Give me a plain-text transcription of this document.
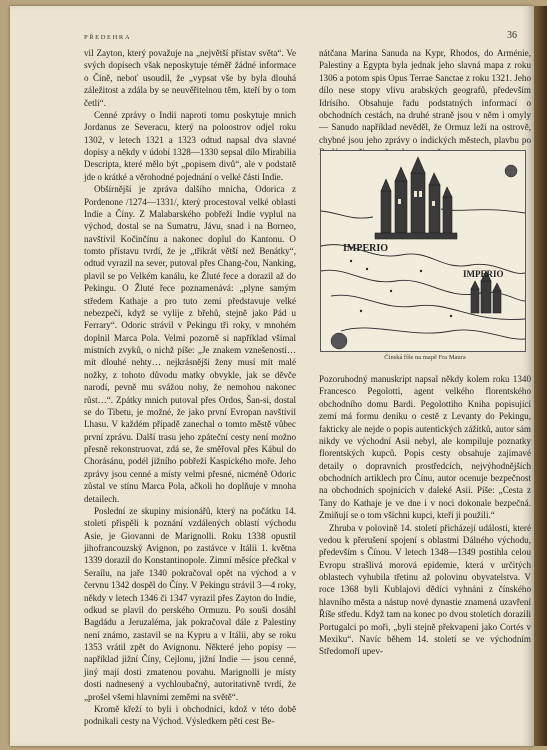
PŘEDEHRA	36

vil Zayton, který považuje na „největší přístav světa“. Ve svých dopisech však neposkytuje téměř žádné informace o Číně, neboť usoudil, že „vypsat vše by byla dlouhá záležitost a zdála by se neuvěřitelnou těm, kteří by o tom četli“.

Cenné zprávy o Indii naproti tomu poskytuje mnich Jordanus ze Severacu, který na poloostrov odjel roku 1302, v letech 1321 a 1323 odtud napsal dva slavné dopisy a někdy v údobí 1328—1330 sepsal dílo Mirabilia Descripta, které mělo být „popisem divů“, ale v podstatě jde o krátké a věrohodné pojednání o velké části Indie.

Obšírnější je zpráva dalšího mnicha, Odorica z Pordenone /1274—1331/, který procestoval velké oblasti Indie a Číny. Z Malabarského pobřeží Indie vyplul na východ, dostal se na Sumatru, Jávu, snad i na Borneo, navštívil Kočinčínu a nakonec doplul do Kantonu. O tomto přístavu tvrdí, že je „třikrát větší než Benátky“, odtud vyrazil na sever, putoval přes Chang-čou, Nanking, plavil se po Velkém kanálu, ke Žluté řece a dorazil až do Pekingu. O Žluté řece poznamenává: „plyne samým středem Kathaje a pro tuto zemi představuje velké nebezpečí, když se vylije z břehů, stejně jako Pád u Ferrary“. Odoric strávil v Pekingu tři roky, v mnohém doplnil Marca Pola. Velmi pozorně si například všímal místních zvyků, o nichž píše: „Je znakem vznešenosti… mít dlouhé nehty… nejkrásnější ženy musí mít malé nožky, z tohoto důvodu matky obvykle, jak se děvče narodí, pevně mu svážou nohy, že nemohou nakonec růst…“. Zpátky mnich putoval přes Ordos, Šan-si, dostal se do Tibetu, je možné, že jako první Evropan navštívil Lhasu. V každém případě zanechal o tomto městě vůbec první zprávu. Další trasu jeho zpáteční cesty není možno přesně rekonstruovat, zdá se, že směřoval přes Kábul do Chorásánu, podél jižního pobřeží Kaspického moře. Jeho zprávy jsou cenné a místy velmi přesné, nicméně Odoric zůstal ve stínu Marca Pola, ačkoli ho doplňuje v mnoha detailech.

Poslední ze skupiny misionářů, který na počátku 14. století přispěli k poznání vzdálených oblastí východu Asie, je Giovanni de Marignolli. Roku 1338 opustil jihofrancouzský Avignon, po zastávce v Itálii 1. května 1339 dorazil do Konstantinopole. Zimní měsíce přečkal v Seraílu, na jaře 1340 pokračoval opět na východ a v červnu 1342 dospěl do Číny. V Pekingu strávil 3—4 roky, někdy v letech 1346 či 1347 vyrazil přes Zayton do Indie, odkud se plavil do perského Ormuzu. Po souši dosáhl Bagdádu a Jeruzaléma, jak pokračoval dále z Palestiny není známo, zastavil se na Kypru a v Itálii, aby se roku 1353 vrátil zpět do Avignonu. Některé jeho popisy — například jižní Číny, Cejlonu, jižní Indie — jsou cenné, jiný mají dosti zmatenou povahu. Marignolli je místy dosti nadnesený a vychloubačný, autoritativně tvrdí, že „prošel všemi hlavními zeměmi na světě“.

Kromě křeží to byli i obchodníci, kdož v této době podnikali cesty na Východ. Výsledkem pěti cest Be-

nátčana Marina Sanuda na Kypr, Rhodos, do Arménie, Palestiny a Egypta byla jednak jeho slavná mapa z roku 1306 a potom spis Opus Terrae Sanctae z roku 1321. Jeho dílo nese stopy vlivu arabských geografů, především Idrísího. Obsahuje řadu podstatných informací o obchodních cestách, na druhé straně jsou v něm i omyly — Sanudo například nevěděl, že Ormuz leží na ostrově, chybné jsou jeho zprávy o indických městech, plavbu po

IMPERIO
IMPERIO
Čínská říše na mapě Fra Maura

Pozoruhodný manuskript napsal někdy kolem roku 1340 Francesco Pegolotti, agent velkého florentského obchodního domu Bardi. Pegolottiho Kniha popisující zemí má formu deníku o cestě z Levanty do Pekingu, fakticky ale nejde o popis autentických zážitků, autor sám nikdy ve východní Asii nebyl, ale kompiluje poznatky florentských kupců. Popis cesty obsahuje zajímavé detaily o dopravních prostředcích, nejvýhodnějších obchodních artiklech pro Čínu, autor ocenuje bezpečnost na obchodních spojnicích v daleké Asii. Píše: „Cesta z Tany do Kathaje je ve dne i v noci dokonale bezpečná. Zmiňují se o tom všichni kupci, kteří ji použili.“

Zhruba v polovině 14. století přicházejí události, které vedou k přerušení spojení s oblastmi Dálného východu, především s Čínou. V letech 1348—1349 postihla celou Evropu strašlivá morová epidemie, která v určitých oblastech vyhubila třetinu až polovinu obyvatelstva. V roce 1368 byli Kublajovi dědici vyhnáni z čínského hlavního města a nástup nové dynastie znamená uzavření Říše středu. Když tam na konec po dvou stoletích dorazili Portugalci po moři, „byli stejně překvapeni jako Cortés v Mexiku“. Navíc během 14. století se ve východním Středomoří upev-
